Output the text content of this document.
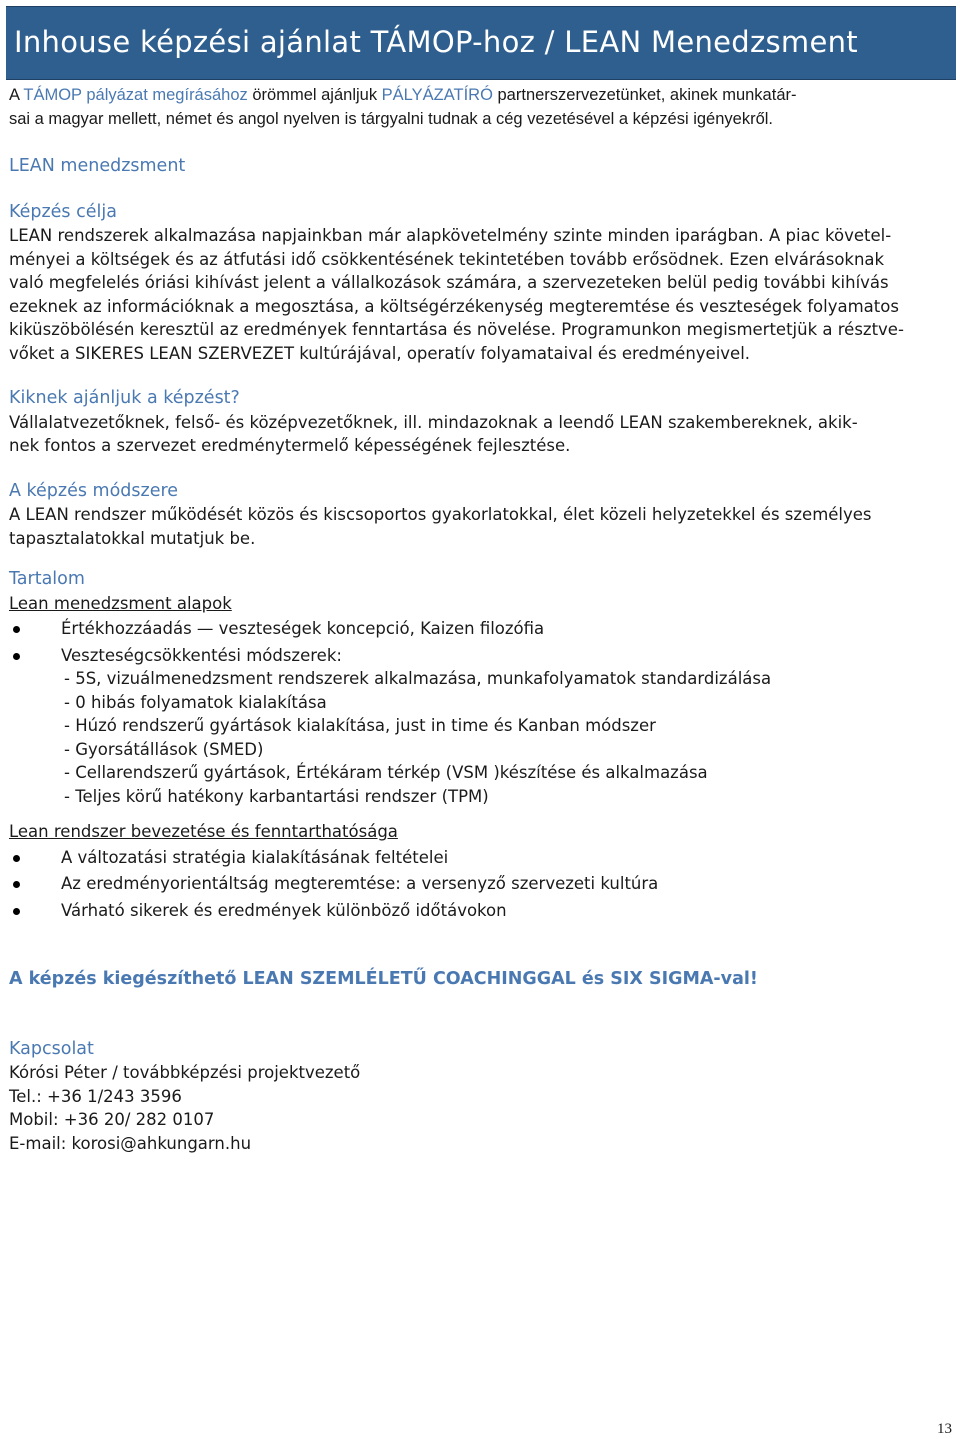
Inhouse képzési ajánlat TÁMOP-hoz / LEAN Menedzsment
A TÁMOP pályázat megírásához örömmel ajánljuk PÁLYÁZATÍRÓ partnerszervezetünket, akinek munkatár-
sai a magyar mellett, német és angol nyelven is tárgyalni tudnak a cég vezetésével a képzési igényekről.
LEAN menedzsment
Képzés célja
LEAN rendszerek alkalmazása napjainkban már alapkövetelmény szinte minden iparágban. A piac követel-
ményei a költségek és az átfutási idő csökkentésének tekintetében tovább erősödnek. Ezen elvárásoknak
való megfelelés óriási kihívást jelent a vállalkozások számára, a szervezeteken belül pedig további kihívás
ezeknek az információknak a megosztása, a költségérzékenység megteremtése és veszteségek folyamatos
kiküszöbölésén keresztül az eredmények fenntartása és növelése. Programunkon megismertetjük a résztve-
vőket a SIKERES LEAN SZERVEZET kultúrájával, operatív folyamataival és eredményeivel.
Kiknek ajánljuk a képzést?
Vállalatvezetőknek, felső- és középvezetőknek, ill. mindazoknak a leendő LEAN szakembereknek, akik-
nek fontos a szervezet eredménytermelő képességének fejlesztése.
A képzés módszere
A LEAN rendszer működését közös és kiscsoportos gyakorlatokkal, élet közeli helyzetekkel és személyes
tapasztalatokkal mutatjuk be.
Tartalom
Lean menedzsment alapok
Értékhozzáadás — veszteségek koncepció, Kaizen filozófia
Veszteségcsökkentési módszerek:
- 5S, vizuálmenedzsment rendszerek alkalmazása, munkafolyamatok standardizálása
- 0 hibás folyamatok kialakítása
- Húzó rendszerű gyártások kialakítása, just in time és Kanban módszer
- Gyorsátállások (SMED)
- Cellarendszerű gyártások, Értékáram térkép (VSM )készítése és alkalmazása
- Teljes körű hatékony karbantartási rendszer (TPM)
Lean rendszer bevezetése és fenntarthatósága
A változatási stratégia kialakításának feltételei
Az eredményorientáltság megteremtése: a versenyző szervezeti kultúra
Várható sikerek és eredmények különböző időtávokon
A képzés kiegészíthető LEAN SZEMLÉLETŰ COACHINGGAL és SIX SIGMA-val!
Kapcsolat
Kórósi Péter / továbbképzési projektvezető
Tel.: +36 1/243 3596
Mobil: +36 20/ 282 0107
E-mail: korosi@ahkungarn.hu
13
